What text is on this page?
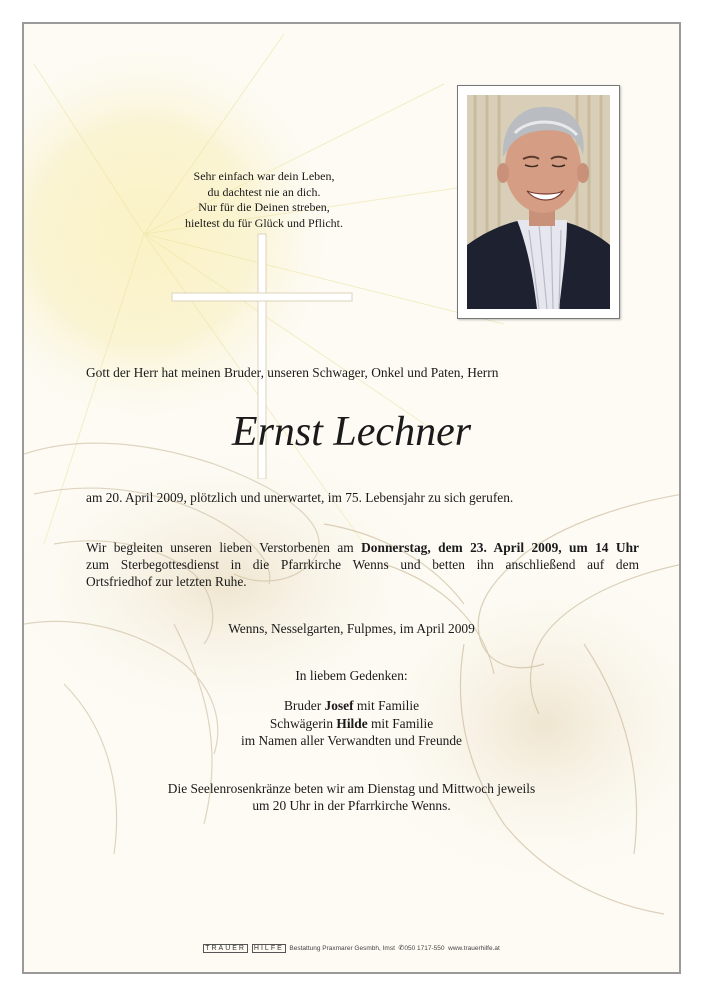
Sehr einfach war dein Leben,
du dachtest nie an dich.
Nur für die Deinen streben,
hieltest du für Glück und Pflicht.
Gott der Herr hat meinen Bruder, unseren Schwager, Onkel und Paten, Herrn
Ernst Lechner
am 20. April 2009, plötzlich und unerwartet, im 75. Lebensjahr zu sich gerufen.
Wir begleiten unseren lieben Verstorbenen am Donnerstag, dem 23. April 2009, um 14 Uhr
zum Sterbegottesdienst in die Pfarrkirche Wenns und betten ihn anschließend auf dem
Ortsfriedhof zur letzten Ruhe.
Wenns, Nesselgarten, Fulpmes, im April 2009
In liebem Gedenken:
Bruder Josef mit Familie
Schwägerin Hilde mit Familie
im Namen aller Verwandten und Freunde
Die Seelenrosenkränze beten wir am Dienstag und Mittwoch jeweils
um 20 Uhr in der Pfarrkirche Wenns.
TRAUER HILFE Bestattung Praxmarer Gesmbh, Imst ✆050 1717-550 www.trauerhilfe.at
